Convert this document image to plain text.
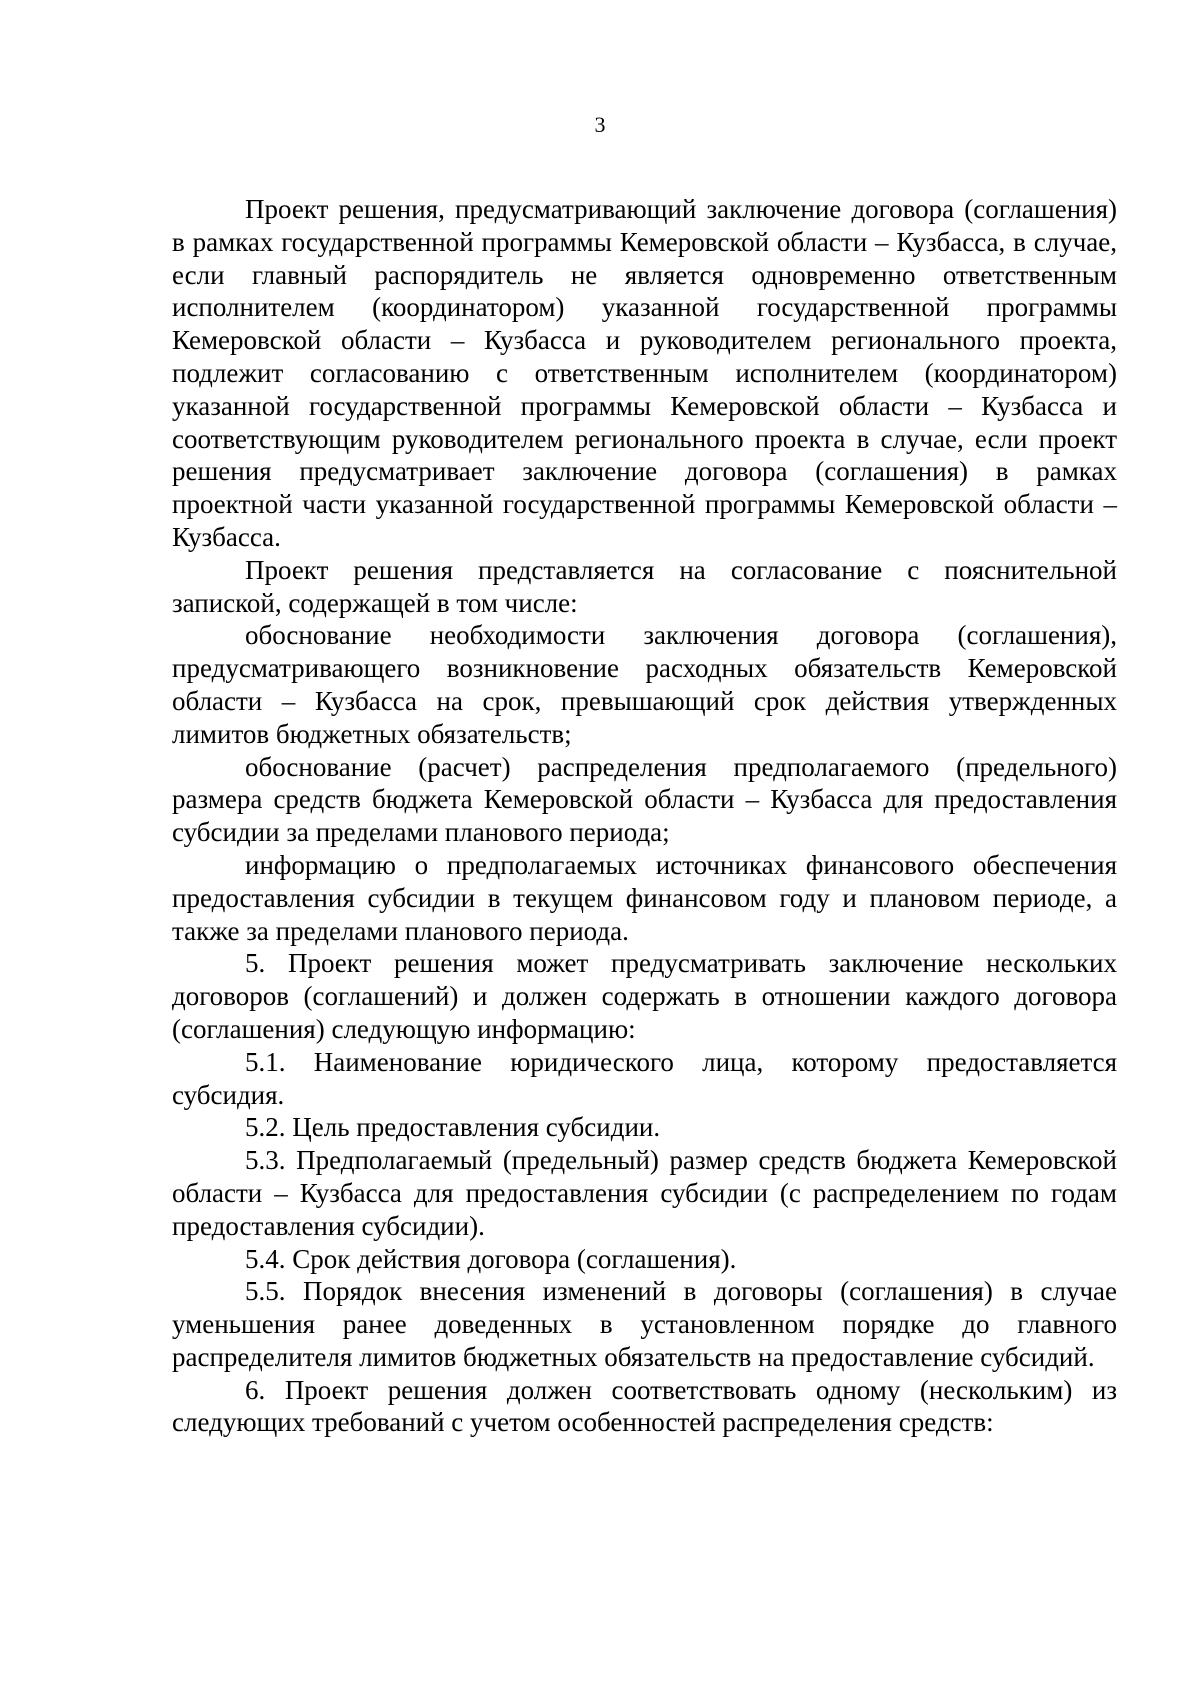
3

Проект решения, предусматривающий заключение договора (соглашения) в рамках государственной программы Кемеровской области – Кузбасса, в случае, если главный распорядитель не является одновременно ответственным исполнителем (координатором) указанной государственной программы Кемеровской области – Кузбасса и руководителем регионального проекта, подлежит согласованию с ответственным исполнителем (координатором) указанной государственной программы Кемеровской области – Кузбасса и соответствующим руководителем регионального проекта в случае, если проект решения предусматривает заключение договора (соглашения) в рамках проектной части указанной государственной программы Кемеровской области – Кузбасса.

Проект решения представляется на согласование с пояснительной запиской, содержащей в том числе:

обоснование необходимости заключения договора (соглашения), предусматривающего возникновение расходных обязательств Кемеровской области – Кузбасса на срок, превышающий срок действия утвержденных лимитов бюджетных обязательств;

обоснование (расчет) распределения предполагаемого (предельного) размера средств бюджета Кемеровской области – Кузбасса для предоставления субсидии за пределами планового периода;

информацию о предполагаемых источниках финансового обеспечения предоставления субсидии в текущем финансовом году и плановом периоде, а также за пределами планового периода.

5. Проект решения может предусматривать заключение нескольких договоров (соглашений) и должен содержать в отношении каждого договора (соглашения) следующую информацию:

5.1. Наименование юридического лица, которому предоставляется субсидия.

5.2. Цель предоставления субсидии.

5.3. Предполагаемый (предельный) размер средств бюджета Кемеровской области – Кузбасса для предоставления субсидии (с распределением по годам предоставления субсидии).

5.4. Срок действия договора (соглашения).

5.5. Порядок внесения изменений в договоры (соглашения) в случае уменьшения ранее доведенных в установленном порядке до главного распределителя лимитов бюджетных обязательств на предоставление субсидий.

6. Проект решения должен соответствовать одному (нескольким) из следующих требований с учетом особенностей распределения средств:
